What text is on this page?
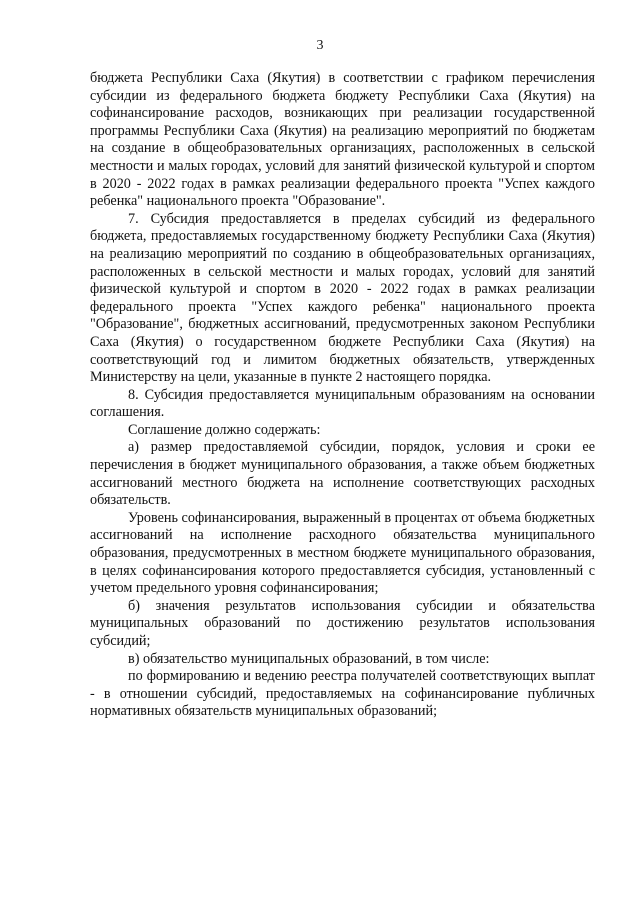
3

бюджета Республики Саха (Якутия) в соответствии с графиком перечисления субсидии из федерального бюджета бюджету Республики Саха (Якутия) на софинансирование расходов, возникающих при реализации государственной программы Республики Саха (Якутия) на реализацию мероприятий по бюджетам на создание в общеобразовательных организациях, расположенных в сельской местности и малых городах, условий для занятий физической культурой и спортом в 2020 - 2022 годах в рамках реализации федерального проекта "Успех каждого ребенка" национального проекта "Образование".

7. Субсидия предоставляется в пределах субсидий из федерального бюджета, предоставляемых государственному бюджету Республики Саха (Якутия) на реализацию мероприятий по созданию в общеобразовательных организациях, расположенных в сельской местности и малых городах, условий для занятий физической культурой и спортом в 2020 - 2022 годах в рамках реализации федерального проекта "Успех каждого ребенка" национального проекта "Образование", бюджетных ассигнований, предусмотренных законом Республики Саха (Якутия) о государственном бюджете Республики Саха (Якутия) на соответствующий год и лимитом бюджетных обязательств, утвержденных Министерству на цели, указанные в пункте 2 настоящего порядка.

8. Субсидия предоставляется муниципальным образованиям на основании соглашения.

Соглашение должно содержать:

а) размер предоставляемой субсидии, порядок, условия и сроки ее перечисления в бюджет муниципального образования, а также объем бюджетных ассигнований местного бюджета на исполнение соответствующих расходных обязательств.

Уровень софинансирования, выраженный в процентах от объема бюджетных ассигнований на исполнение расходного обязательства муниципального образования, предусмотренных в местном бюджете муниципального образования, в целях софинансирования которого предоставляется субсидия, установленный с учетом предельного уровня софинансирования;

б) значения результатов использования субсидии и обязательства муниципальных образований по достижению результатов использования субсидий;

в) обязательство муниципальных образований, в том числе:

по формированию и ведению реестра получателей соответствующих выплат - в отношении субсидий, предоставляемых на софинансирование публичных нормативных обязательств муниципальных образований;
